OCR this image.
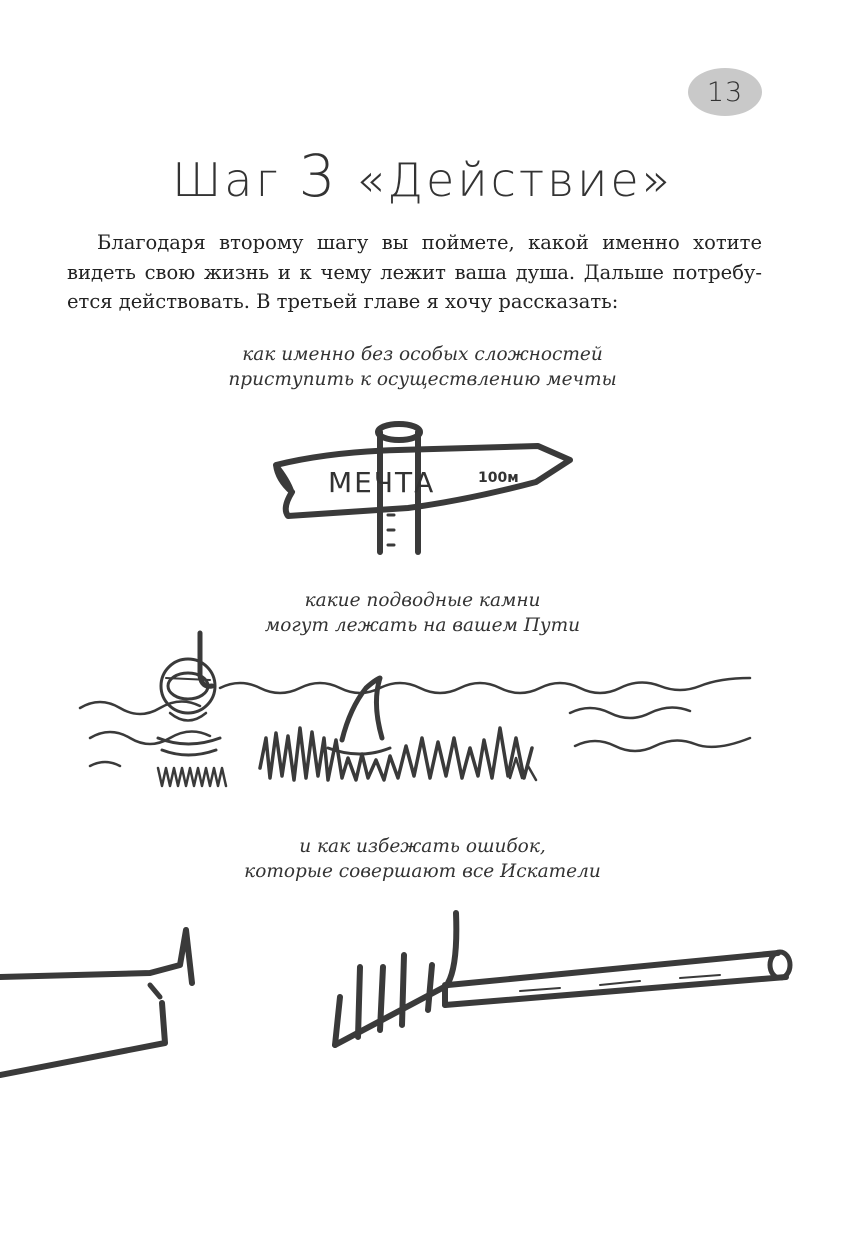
13
Шаг 3 «Действие»
Благодаря второму шагу вы поймете, какой именно хотите
видеть свою жизнь и к чему лежит ваша душа. Дальше потребу-
ется действовать. В третьей главе я хочу рассказать:
как именно без особых сложностей
приступить к осуществлению мечты
МЕЧТА	100м
какие подводные камни
могут лежать на вашем Пути
и как избежать ошибок,
которые совершают все Искатели
